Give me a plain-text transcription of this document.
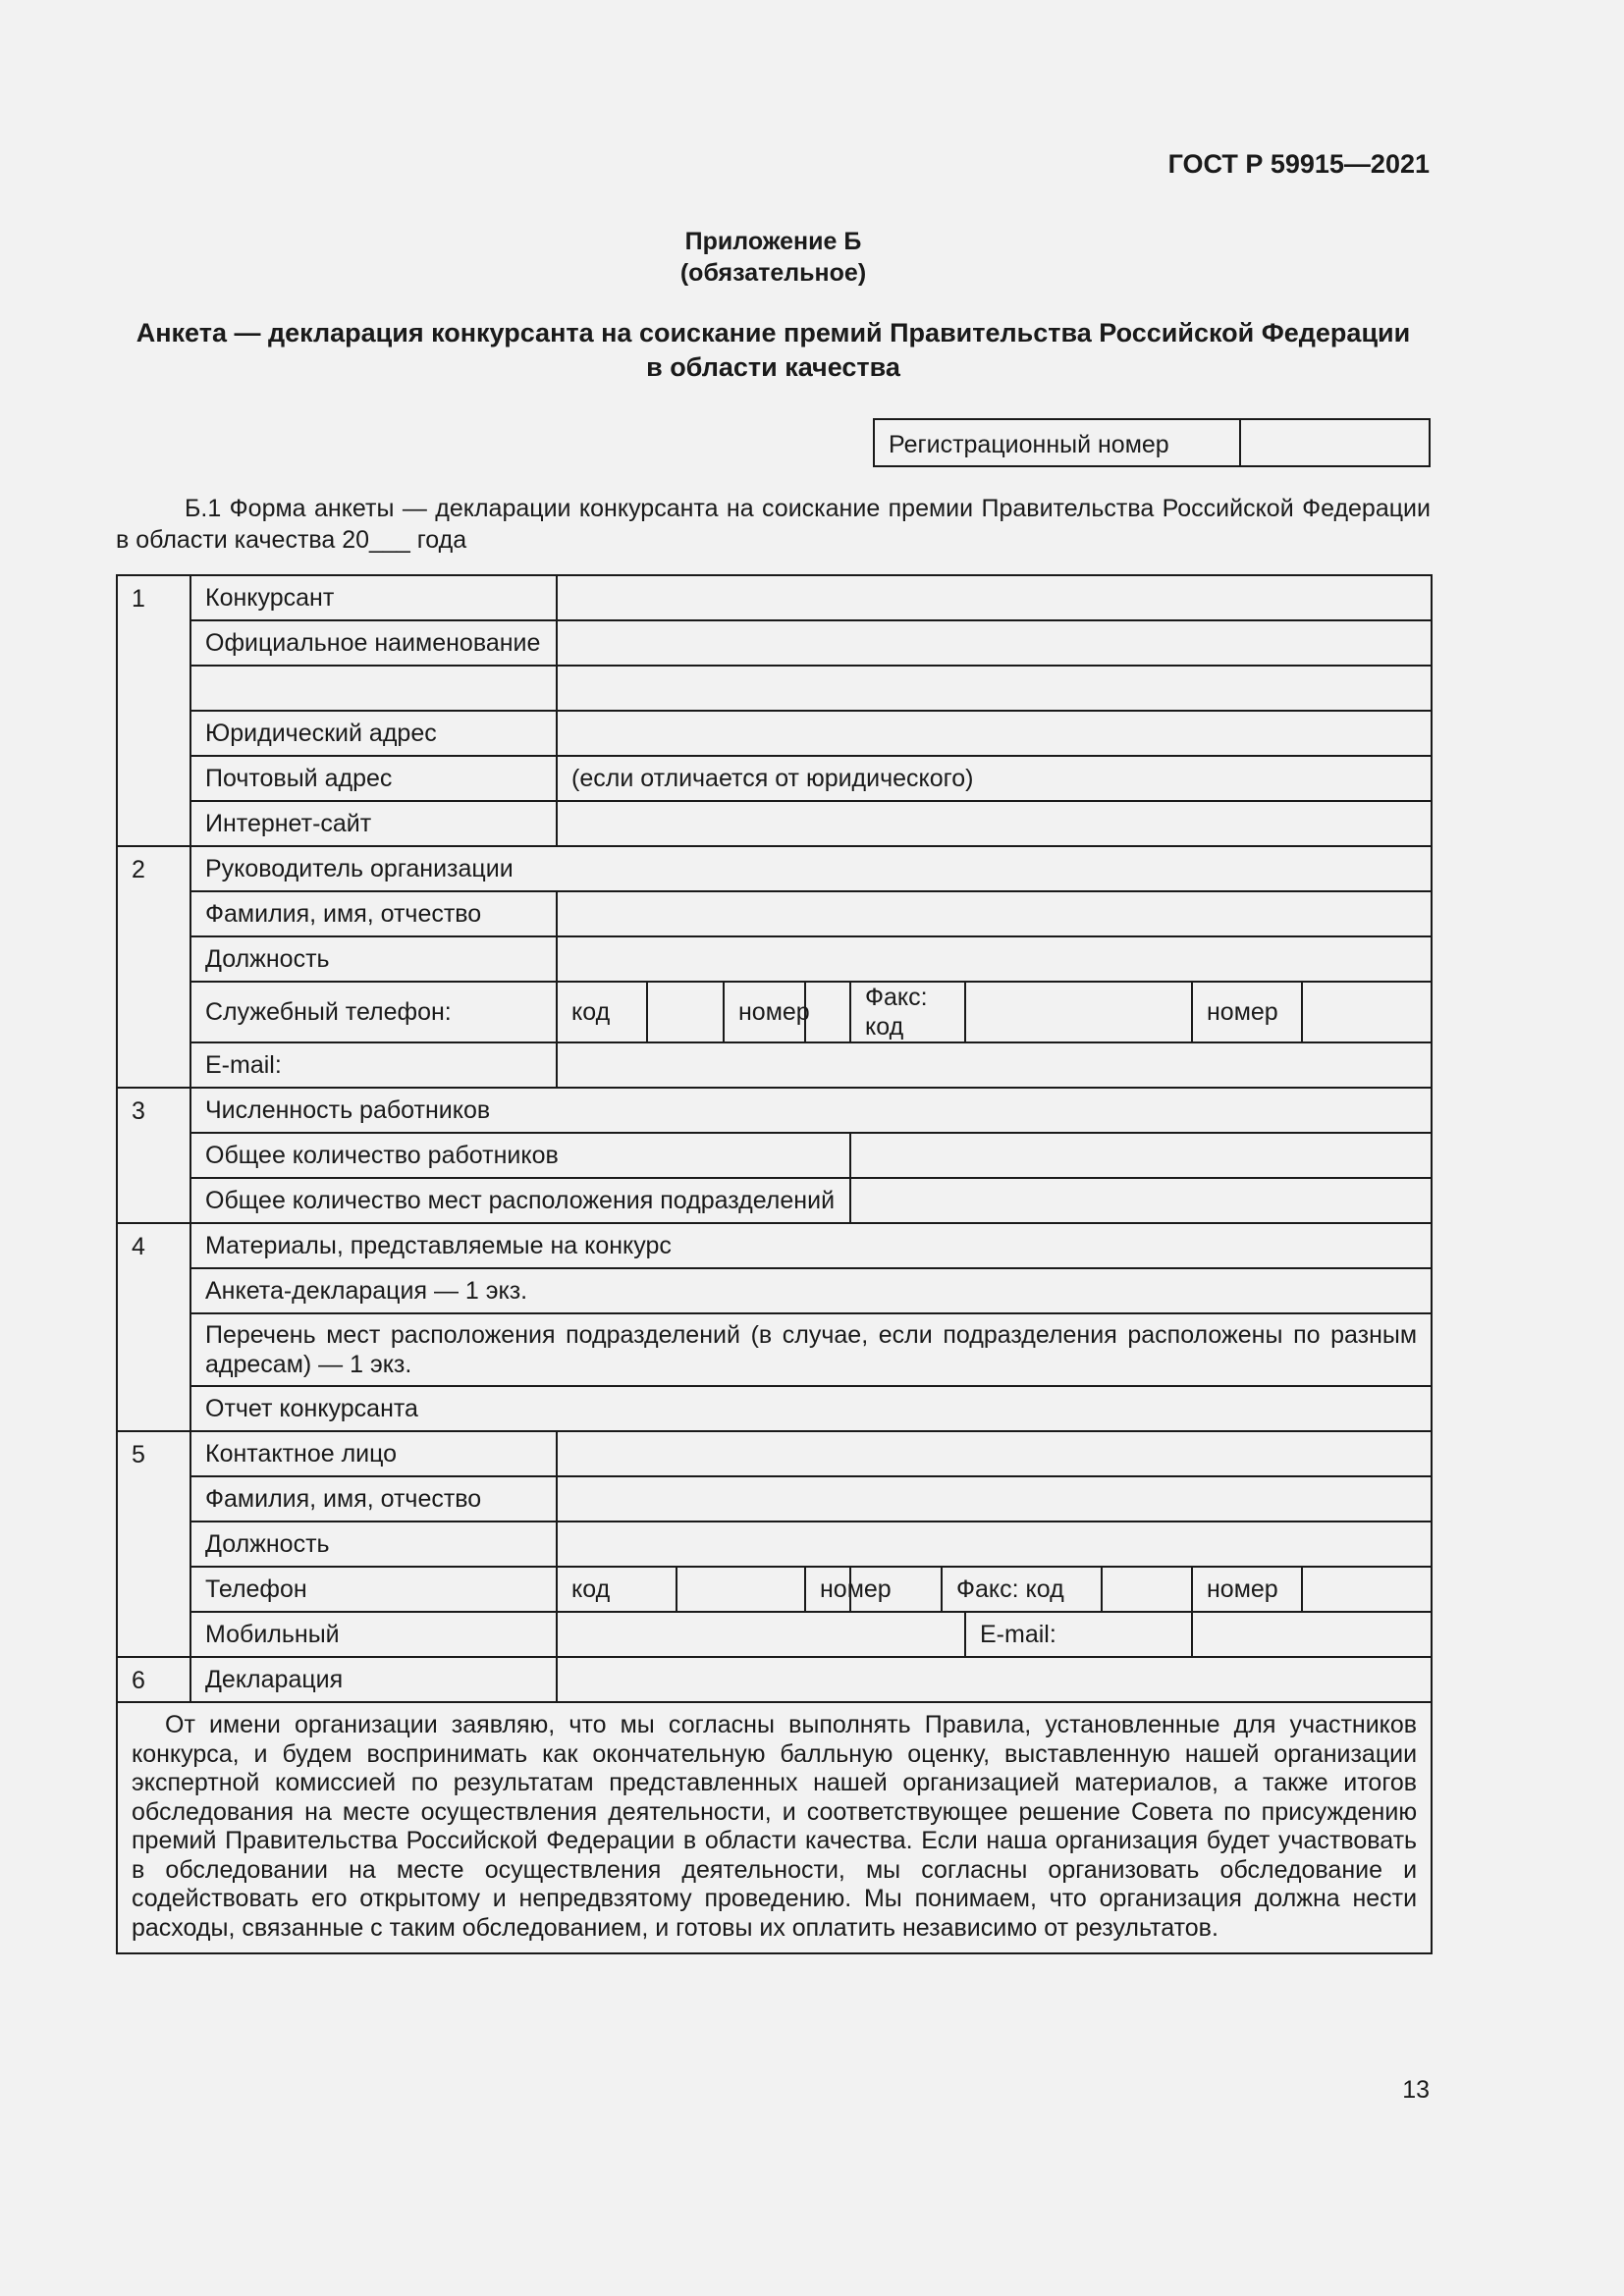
ГОСТ Р 59915—2021
Приложение Б
(обязательное)
Анкета — декларация конкурсанта на соискание премий Правительства Российской Федерации
в области качества
Регистрационный номер
Б.1 Форма анкеты — декларации конкурсанта на соискание премии Правительства Российской Федерации в области качества 20___ года
1	Конкурсант											
	Официальное наименование											

	Юридический адрес											
	Почтовый адрес	(если отличается от юридического)										
	Интернет-сайт											
2	Руководитель организации											
	Фамилия, имя, отчество											
	Должность											
	Служебный телефон:	код			номер		Факс: код				номер	
	E-mail:											
3	Численность работников											
	Общее количество работников											
	Общее количество мест расположения подразделений											
4	Материалы, представляемые на конкурс											
	Анкета-декларация — 1 экз.											
	Перечень мест расположения подразделений (в случае, если подразделения расположены по разным адресам) — 1 экз.											
	Отчет конкурсанта											
5	Контактное лицо											
	Фамилия, имя, отчество											
	Должность											
	Телефон	код				номер		Факс: код			номер	
	Мобильный								E-mail:			
6	Декларация											
От имени организации заявляю, что мы согласны выполнять Правила, установленные для участников конкурса, и будем воспринимать как окончательную балльную оценку, выставленную нашей организации экспертной комиссией по результатам представленных нашей организацией материалов, а также итогов обследования на месте осуществления деятельности, и соответствующее решение Совета по присуждению премий Правительства Российской Федерации в области качества. Если наша организация будет участвовать в обследовании на месте осуществления деятельности, мы согласны организовать обследование и содействовать его открытому и непредвзятому проведению. Мы понимаем, что организация должна нести расходы, связанные с таким обследованием, и готовы их оплатить независимо от результатов.												
13
